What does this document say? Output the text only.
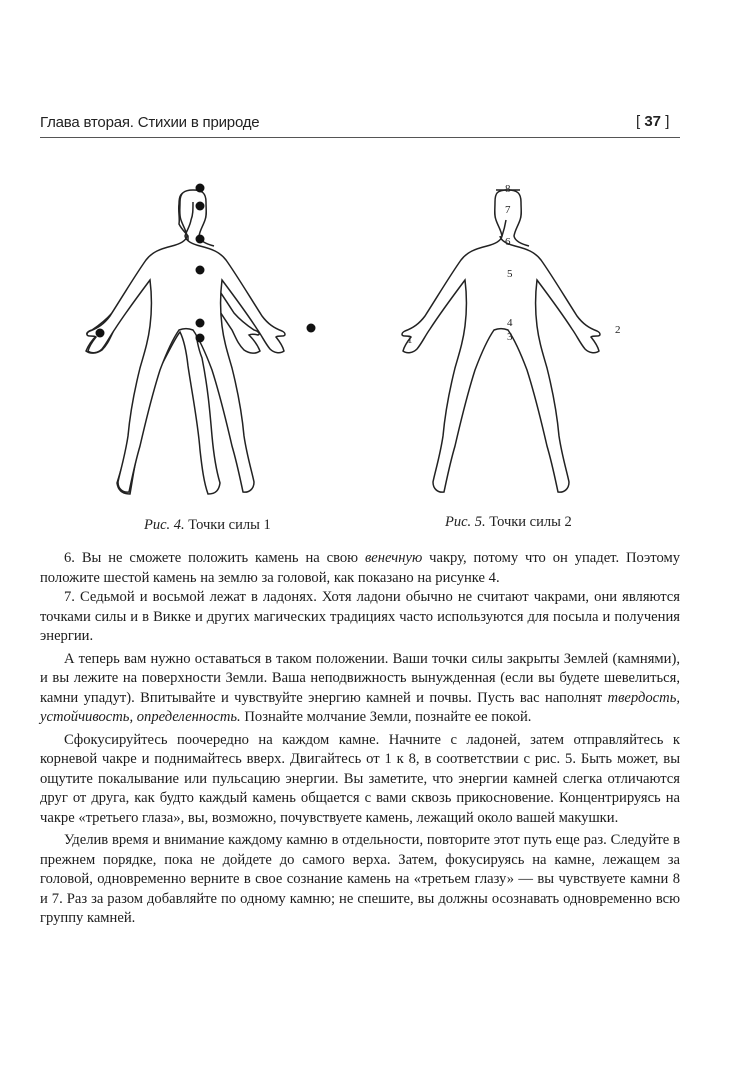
Глава вторая. Стихии в природе	[ 37 ]
Рис. 4. Точки силы 1
8
7
6
5
4
3
1
2
Рис. 5. Точки силы 2

6. Вы не сможете положить камень на свою венечную чакру, потому что он упадет. Поэтому положите шестой камень на землю за головой, как показано на рисунке 4.

7. Седьмой и восьмой лежат в ладонях. Хотя ладони обычно не считают чакрами, они являются точками силы и в Викке и других магических традициях часто используются для посыла и получения энергии.

А теперь вам нужно оставаться в таком положении. Ваши точки силы закрыты Землей (камнями), и вы лежите на поверхности Земли. Ваша неподвижность вынужденная (если вы будете шевелиться, камни упадут). Впитывайте и чувствуйте энергию камней и почвы. Пусть вас наполнят твердость, устойчивость, определенность. Познайте молчание Земли, познайте ее покой.

Сфокусируйтесь поочередно на каждом камне. Начните с ладоней, затем отправляйтесь к корневой чакре и поднимайтесь вверх. Двигайтесь от 1 к 8, в соответствии с рис. 5. Быть может, вы ощутите покалывание или пульсацию энергии. Вы заметите, что энергии камней слегка отличаются друг от друга, как будто каждый камень общается с вами сквозь прикосновение. Концентрируясь на чакре «третьего глаза», вы, возможно, почувствуете камень, лежащий около вашей макушки.

Уделив время и внимание каждому камню в отдельности, повторите этот путь еще раз. Следуйте в прежнем порядке, пока не дойдете до самого верха. Затем, фокусируясь на камне, лежащем за головой, одновременно верните в свое сознание камень на «третьем глазу» — вы чувствуете камни 8 и 7. Раз за разом добавляйте по одному камню; не спешите, вы должны осознавать одновременно всю группу камней.
